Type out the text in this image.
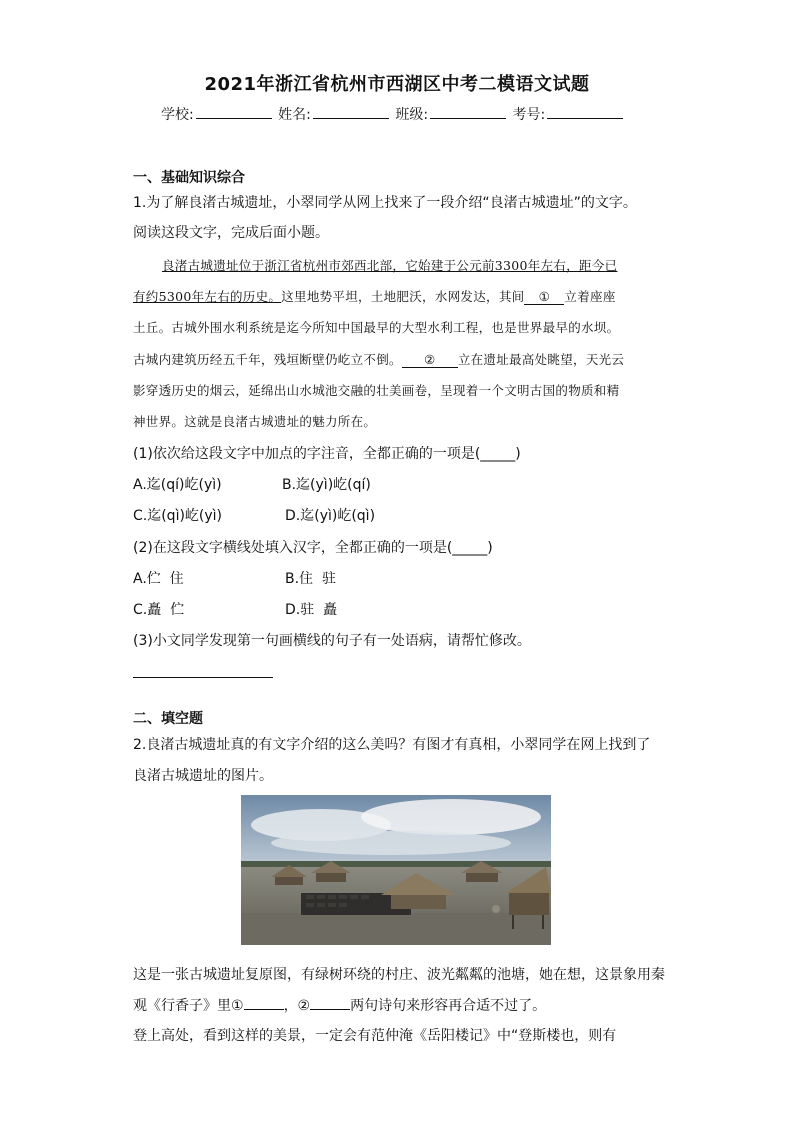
2021年浙江省杭州市西湖区中考二模语文试题
学校:	姓名:	班级:	考号:
一、基础知识综合
1.为了解良渚古城遗址，小翠同学从网上找来了一段介绍“良渚古城遗址”的文字。
阅读这段文字，完成后面小题。
良渚古城遗址位于浙江省杭州市郊西北部，它始建于公元前3300年左右，距今已
有约5300年左右的历史。这里地势平坦，土地肥沃，水网发达，其间 ① 立着座座
土丘。古城外围水利系统是迄今所知中国最早的大型水利工程，也是世界最早的水坝。
古城内建筑历经五千年，残垣断壁仍屹立不倒。 ② 立在遗址最高处眺望，天光云
影穿透历史的烟云，延绵出山水城池交融的壮美画卷，呈现着一个文明古国的物质和精
神世界。这就是良渚古城遗址的魅力所在。
(1)依次给这段文字中加点的字注音，全都正确的一项是(_____)
A.迄(qí)屹(yì)	B.迄(yì)屹(qí)
C.迄(qì)屹(yì)	D.迄(yì)屹(qì)
(2)在这段文字横线处填入汉字，全都正确的一项是(_____)
A.伫  住	B.住  驻
C.矗  伫	D.驻  矗
(3)小文同学发现第一句画横线的句子有一处语病，请帮忙修改。
二、填空题
2.良渚古城遗址真的有文字介绍的这么美吗？有图才有真相，小翠同学在网上找到了
良渚古城遗址的图片。
这是一张古城遗址复原图，有绿树环绕的村庄、波光粼粼的池塘，她在想，这景象用秦
观《行香子》里①	，②	两句诗句来形容再合适不过了。
登上高处，看到这样的美景，一定会有范仲淹《岳阳楼记》中“登斯楼也，则有
